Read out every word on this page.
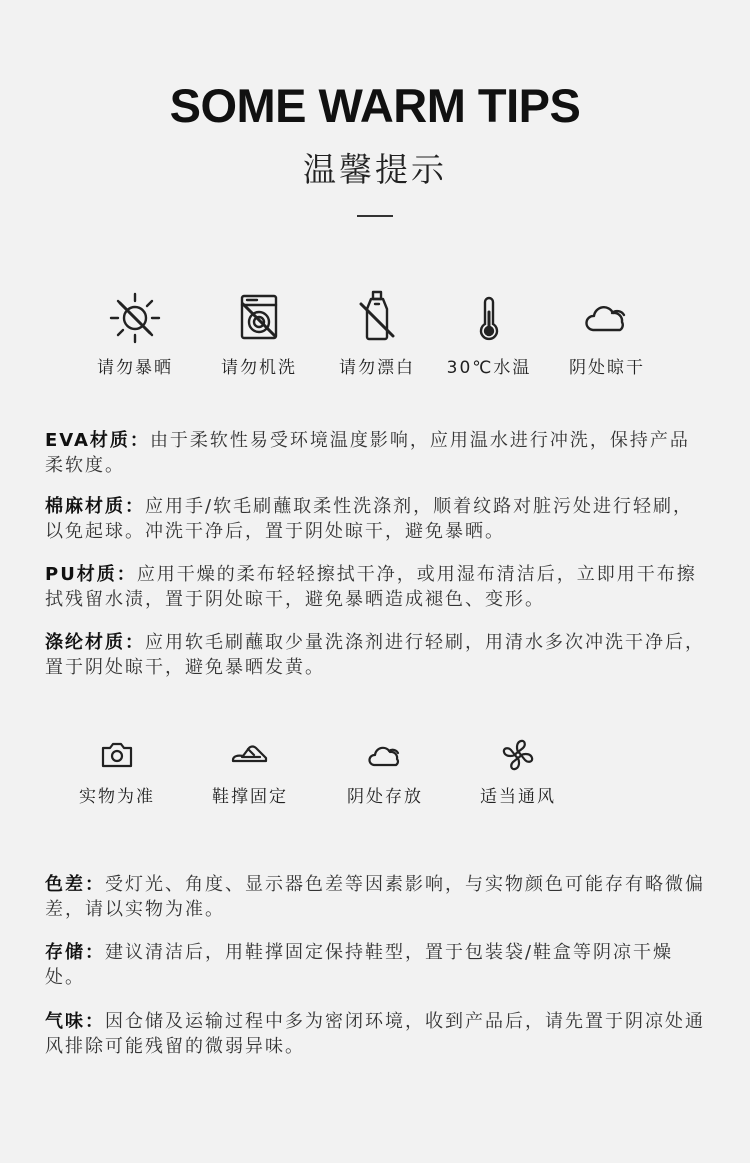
SOME WARM TIPS
温馨提示
请勿暴晒	请勿机洗	请勿漂白	30℃水温	阴处晾干
EVA材质：由于柔软性易受环境温度影响，应用温水进行冲洗，保持产品柔软度。
棉麻材质：应用手/软毛刷蘸取柔性洗涤剂，顺着纹路对脏污处进行轻刷，以免起球。冲洗干净后，置于阴处晾干，避免暴晒。
PU材质：应用干燥的柔布轻轻擦拭干净，或用湿布清洁后，立即用干布擦拭残留水渍，置于阴处晾干，避免暴晒造成褪色、变形。
涤纶材质：应用软毛刷蘸取少量洗涤剂进行轻刷，用清水多次冲洗干净后，置于阴处晾干，避免暴晒发黄。
实物为准	鞋撑固定	阴处存放	适当通风
色差：受灯光、角度、显示器色差等因素影响，与实物颜色可能存有略微偏差，请以实物为准。
存储：建议清洁后，用鞋撑固定保持鞋型，置于包装袋/鞋盒等阴凉干燥处。
气味：因仓储及运输过程中多为密闭环境，收到产品后，请先置于阴凉处通风排除可能残留的微弱异味。
